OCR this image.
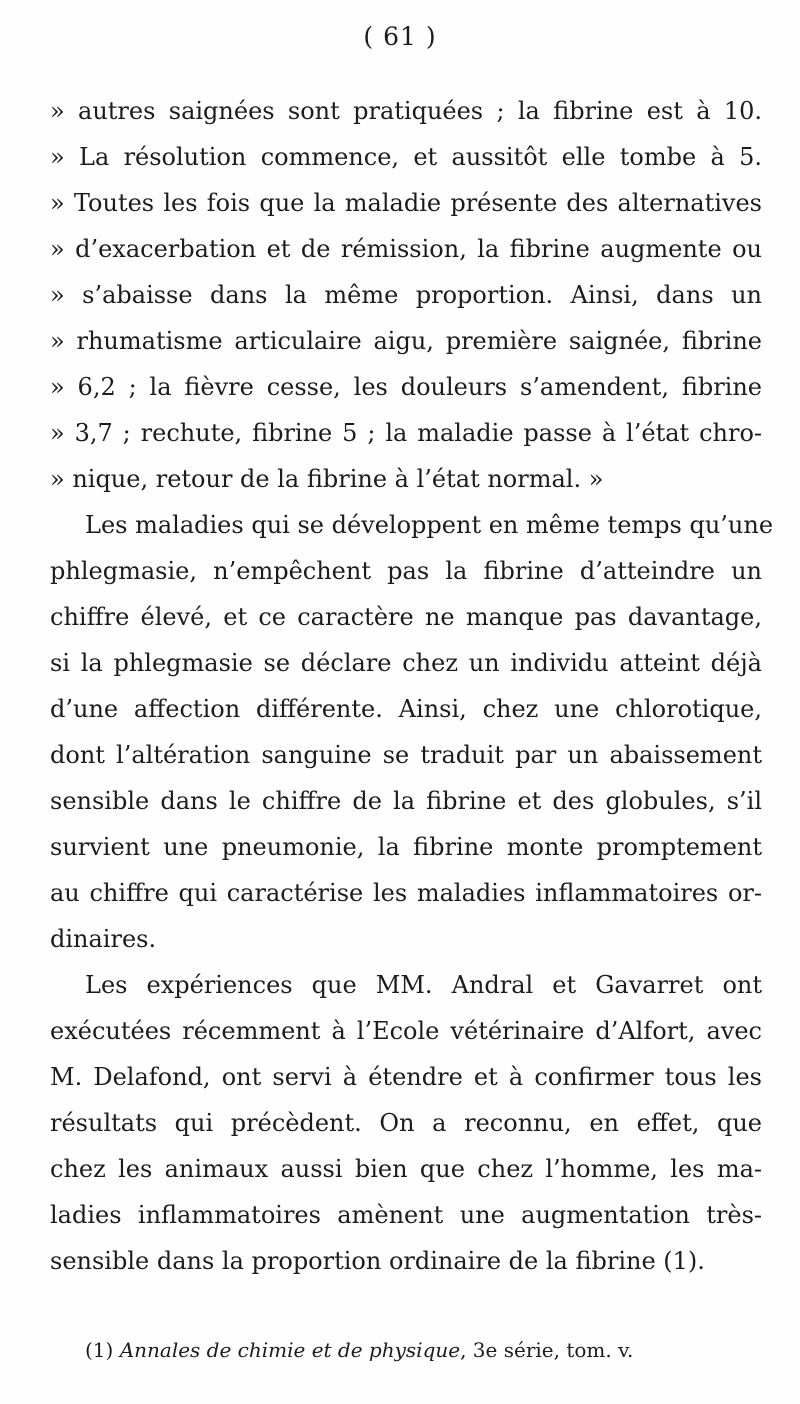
( 61 )
» autres saignées sont pratiquées ; la fibrine est à 10.
» La résolution commence, et aussitôt elle tombe à 5.
» Toutes les fois que la maladie présente des alternatives
» d’exacerbation et de rémission, la fibrine augmente ou
» s’abaisse dans la même proportion. Ainsi, dans un
» rhumatisme articulaire aigu, première saignée, fibrine
» 6,2 ; la fièvre cesse, les douleurs s’amendent, fibrine
» 3,7 ; rechute, fibrine 5 ; la maladie passe à l’état chro-
» nique, retour de la fibrine à l’état normal. »
Les maladies qui se développent en même temps qu’une
phlegmasie, n’empêchent pas la fibrine d’atteindre un
chiffre élevé, et ce caractère ne manque pas davantage,
si la phlegmasie se déclare chez un individu atteint déjà
d’une affection différente. Ainsi, chez une chlorotique,
dont l’altération sanguine se traduit par un abaissement
sensible dans le chiffre de la fibrine et des globules, s’il
survient une pneumonie, la fibrine monte promptement
au chiffre qui caractérise les maladies inflammatoires or-
dinaires.
Les expériences que MM. Andral et Gavarret ont
exécutées récemment à l’Ecole vétérinaire d’Alfort, avec
M. Delafond, ont servi à étendre et à confirmer tous les
résultats qui précèdent. On a reconnu, en effet, que
chez les animaux aussi bien que chez l’homme, les ma-
ladies inflammatoires amènent une augmentation très-
sensible dans la proportion ordinaire de la fibrine (1).
(1) Annales de chimie et de physique, 3e série, tom. v.
